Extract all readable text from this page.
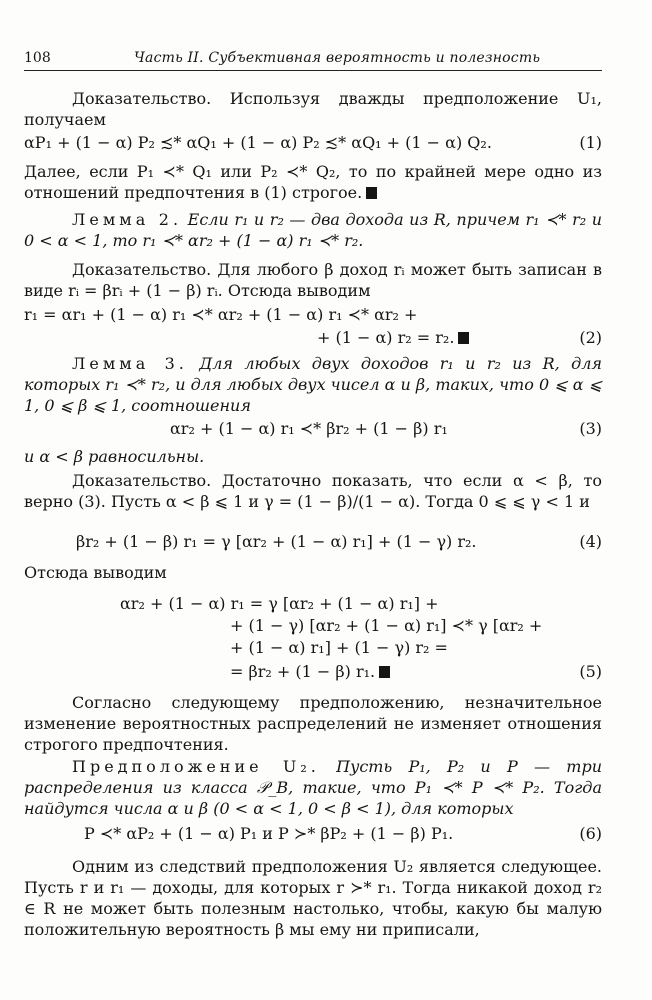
108	Часть II. Субъективная вероятность и полезность
Доказательство. Используя дважды предположение U₁, получаем
αP₁ + (1 − α) P₂ ≾* αQ₁ + (1 − α) P₂ ≾* αQ₁ + (1 − α) Q₂.	(1)
Далее, если P₁ ≺* Q₁ или P₂ ≺* Q₂, то по крайней мере одно из отношений предпочтения в (1) строгое.
Лемма 2. Если r₁ и r₂ — два дохода из R, причем r₁ ≺* r₂ и 0 < α < 1, то r₁ ≺* αr₂ + (1 − α) r₁ ≺* r₂.
Доказательство. Для любого β доход rᵢ может быть записан в виде rᵢ = βrᵢ + (1 − β) rᵢ. Отсюда выводим
r₁ = αr₁ + (1 − α) r₁ ≺* αr₂ + (1 − α) r₁ ≺* αr₂ +
+ (1 − α) r₂ = r₂.	(2)
Лемма 3. Для любых двух доходов r₁ и r₂ из R, для которых r₁ ≺* r₂, и для любых двух чисел α и β, таких, что 0 ⩽ α ⩽ 1, 0 ⩽ β ⩽ 1, соотношения
αr₂ + (1 − α) r₁ ≺* βr₂ + (1 − β) r₁	(3)
и α < β равносильны.
Доказательство. Достаточно показать, что если α < β, то верно (3). Пусть α < β ⩽ 1 и γ = (1 − β)/(1 − α). Тогда 0 ⩽ ⩽ γ < 1 и
βr₂ + (1 − β) r₁ = γ [αr₂ + (1 − α) r₁] + (1 − γ) r₂.	(4)
Отсюда выводим
αr₂ + (1 − α) r₁ = γ [αr₂ + (1 − α) r₁] +
+ (1 − γ) [αr₂ + (1 − α) r₁] ≺* γ [αr₂ +
+ (1 − α) r₁] + (1 − γ) r₂ =
= βr₂ + (1 − β) r₁.	(5)
Согласно следующему предположению, незначительное изменение вероятностных распределений не изменяет отношения строгого предпочтения.
Предположение U₂. Пусть P₁, P₂ и P — три распределения из класса 𝒫_B, такие, что P₁ ≺* P ≺* P₂. Тогда найдутся числа α и β (0 < α < 1, 0 < β < 1), для которых
P ≺* αP₂ + (1 − α) P₁ и P ≻* βP₂ + (1 − β) P₁.	(6)
Одним из следствий предположения U₂ является следующее. Пусть r и r₁ — доходы, для которых r ≻* r₁. Тогда никакой доход r₂ ∈ R не может быть полезным настолько, чтобы, какую бы малую положительную вероятность β мы ему ни приписали,
